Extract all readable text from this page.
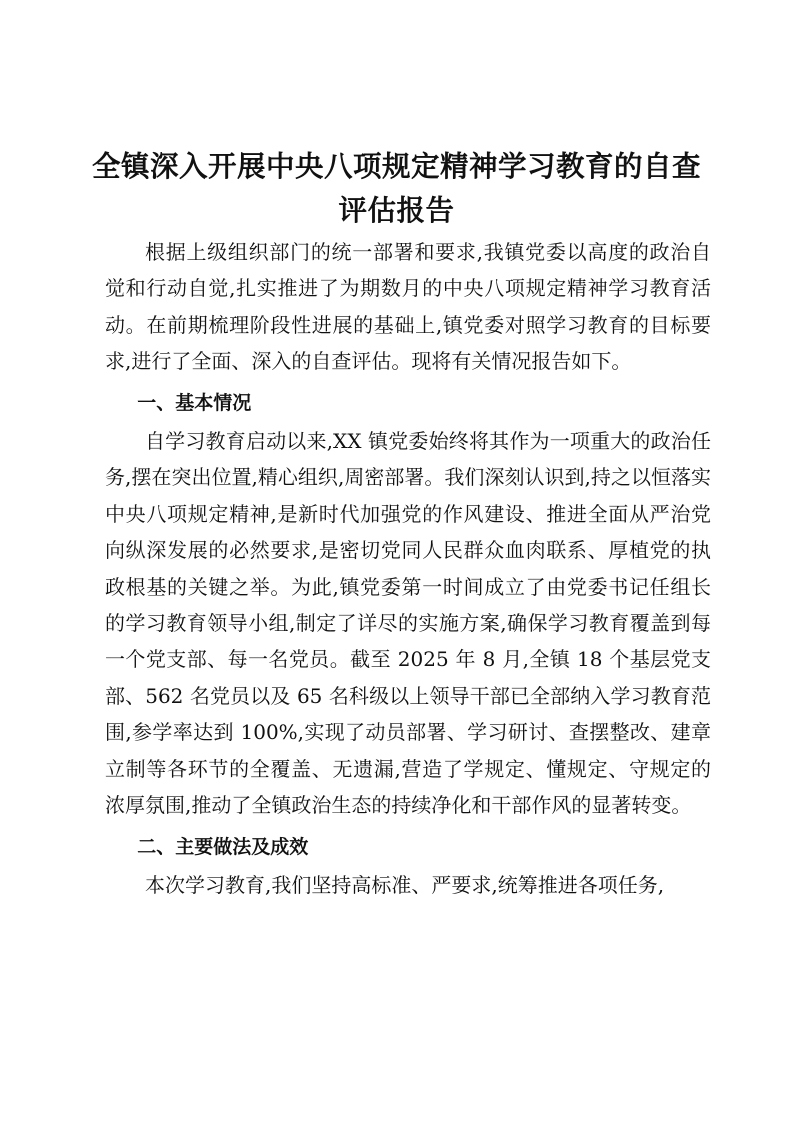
全镇深入开展中央八项规定精神学习教育的自查评估报告

根据上级组织部门的统一部署和要求,我镇党委以高度的政治自觉和行动自觉,扎实推进了为期数月的中央八项规定精神学习教育活动。在前期梳理阶段性进展的基础上,镇党委对照学习教育的目标要求,进行了全面、深入的自查评估。现将有关情况报告如下。

一、基本情况

自学习教育启动以来,XX 镇党委始终将其作为一项重大的政治任务,摆在突出位置,精心组织,周密部署。我们深刻认识到,持之以恒落实中央八项规定精神,是新时代加强党的作风建设、推进全面从严治党向纵深发展的必然要求,是密切党同人民群众血肉联系、厚植党的执政根基的关键之举。为此,镇党委第一时间成立了由党委书记任组长的学习教育领导小组,制定了详尽的实施方案,确保学习教育覆盖到每一个党支部、每一名党员。截至 2025 年 8 月,全镇 18 个基层党支部、562 名党员以及 65 名科级以上领导干部已全部纳入学习教育范围,参学率达到 100%,实现了动员部署、学习研讨、查摆整改、建章立制等各环节的全覆盖、无遗漏,营造了学规定、懂规定、守规定的浓厚氛围,推动了全镇政治生态的持续净化和干部作风的显著转变。

二、主要做法及成效

本次学习教育,我们坚持高标准、严要求,统筹推进各项任务,
